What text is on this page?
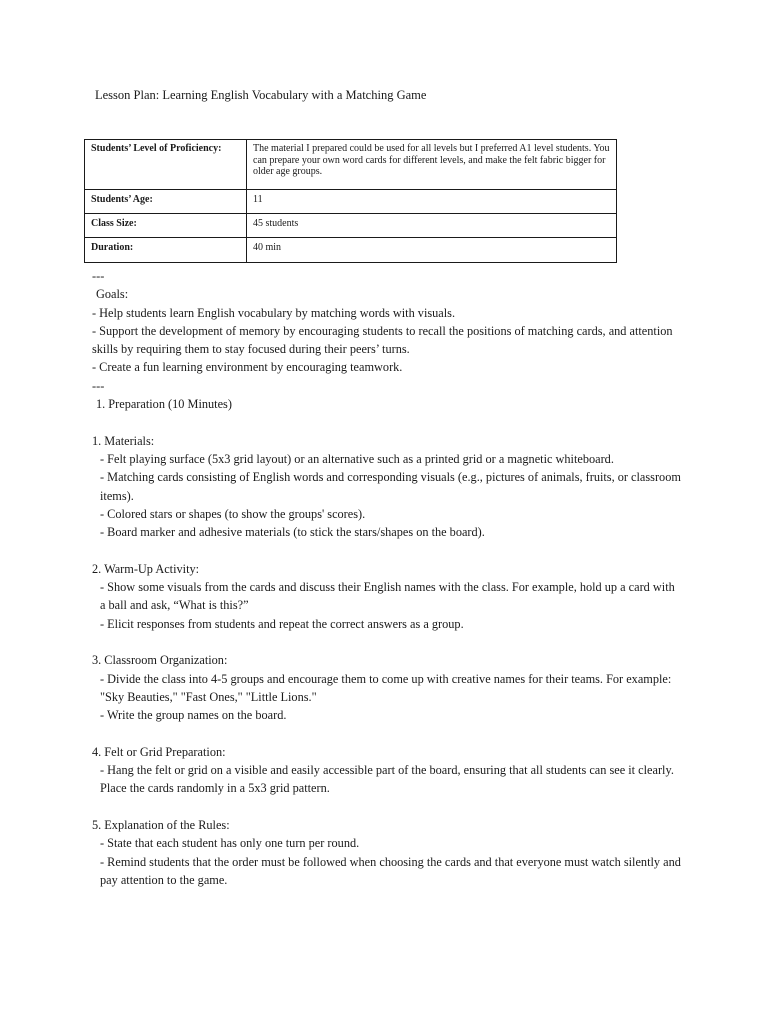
Lesson Plan: Learning English Vocabulary with a Matching Game
Students’ Level of Proficiency:	The material I prepared could be used for all levels but I preferred A1 level students. You can prepare your own word cards for different levels, and make the felt fabric bigger for older age groups.
Students’ Age:	11
Class Size:	45 students
Duration:	40 min

---

Goals:

- Help students learn English vocabulary by matching words with visuals.

- Support the development of memory by encouraging students to recall the positions of matching cards, and attention skills by requiring them to stay focused during their peers’ turns.

- Create a fun learning environment by encouraging teamwork.

---

1. Preparation (10 Minutes)

1. Materials:

- Felt playing surface (5x3 grid layout) or an alternative such as a printed grid or a magnetic whiteboard.

- Matching cards consisting of English words and corresponding visuals (e.g., pictures of animals, fruits, or classroom items).

- Colored stars or shapes (to show the groups' scores).

- Board marker and adhesive materials (to stick the stars/shapes on the board).

2. Warm-Up Activity:

- Show some visuals from the cards and discuss their English names with the class. For example, hold up a card with a ball and ask, “What is this?”

- Elicit responses from students and repeat the correct answers as a group.

3. Classroom Organization:

- Divide the class into 4-5 groups and encourage them to come up with creative names for their teams. For example: "Sky Beauties," "Fast Ones," "Little Lions."

- Write the group names on the board.

4. Felt or Grid Preparation:

- Hang the felt or grid on a visible and easily accessible part of the board, ensuring that all students can see it clearly. Place the cards randomly in a 5x3 grid pattern.

5. Explanation of the Rules:

- State that each student has only one turn per round.

- Remind students that the order must be followed when choosing the cards and that everyone must watch silently and pay attention to the game.
